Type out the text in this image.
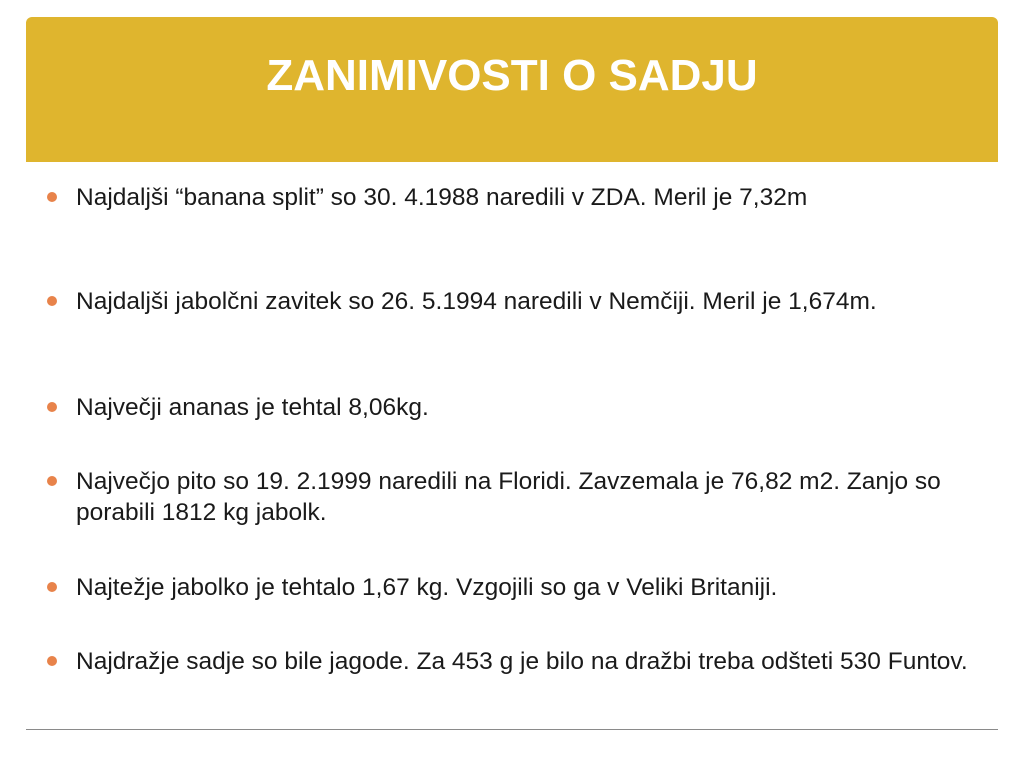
ZANIMIVOSTI O SADJU
Najdaljši “banana split” so 30. 4.1988 naredili v ZDA. Meril je 7,32m
Najdaljši jabolčni zavitek so 26. 5.1994 naredili v Nemčiji. Meril je 1,674m.
Največji ananas je tehtal 8,06kg.
Največjo pito so 19. 2.1999 naredili na Floridi. Zavzemala je 76,82 m2. Zanjo so porabili 1812 kg jabolk.
Najtežje jabolko je tehtalo 1,67 kg. Vzgojili so ga v Veliki Britaniji.
Najdražje sadje so bile jagode. Za 453 g je bilo na dražbi treba odšteti 530 Funtov.
